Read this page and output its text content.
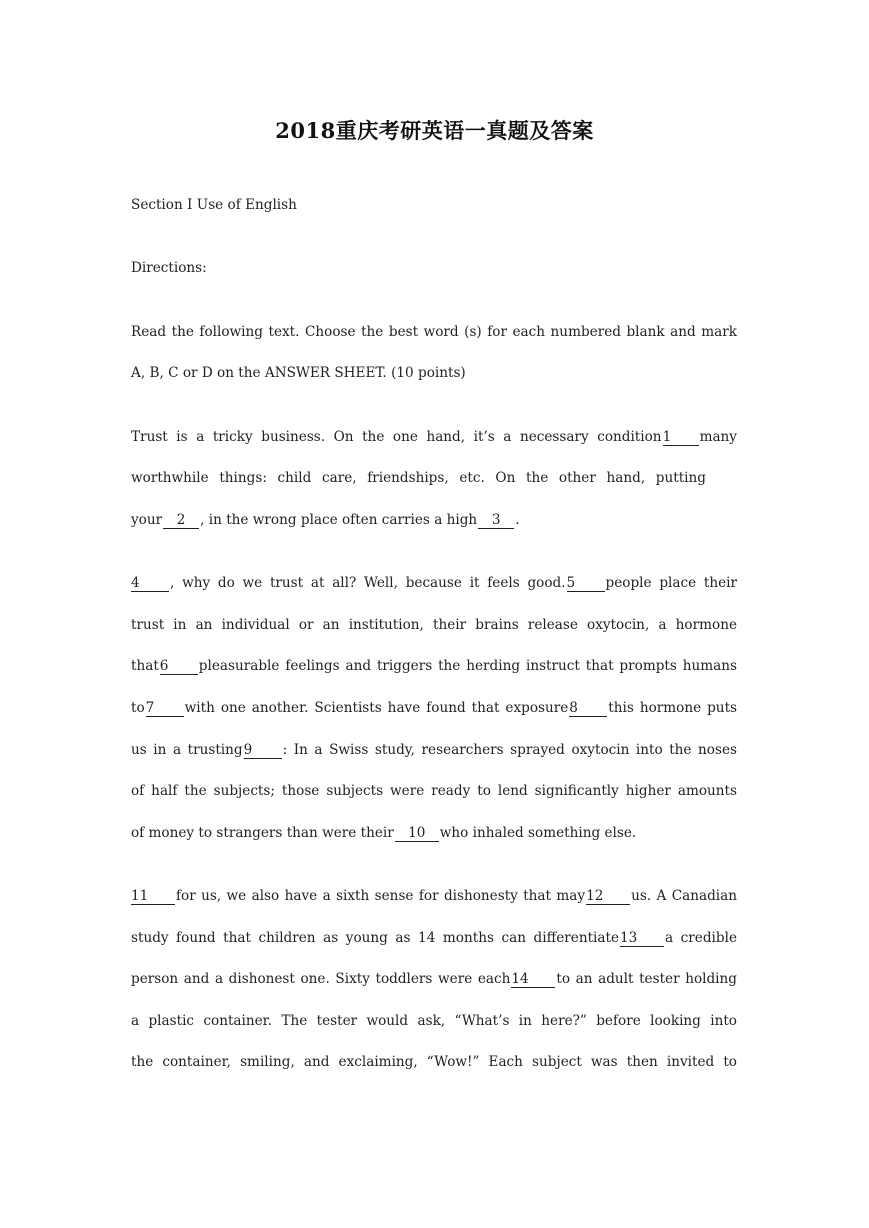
2018重庆考研英语一真题及答案
Section I Use of English
Directions:
Read the following text. Choose the best word (s) for each numbered blank and mark
A, B, C or D on the ANSWER SHEET. (10 points)
Trust is a tricky business. On the one hand, it’s a necessary condition1 many
worthwhile things: child care, friendships, etc. On the other hand, putting
your 2 , in the wrong place often carries a high 3 .
4 , why do we trust at all? Well, because it feels good.5 people place their
trust in an individual or an institution, their brains release oxytocin, a hormone
that6 pleasurable feelings and triggers the herding instruct that prompts humans
to7 with one another. Scientists have found that exposure8 this hormone puts
us in a trusting9 : In a Swiss study, researchers sprayed oxytocin into the noses
of half the subjects; those subjects were ready to lend significantly higher amounts
of money to strangers than were their 10 who inhaled something else.
11 for us, we also have a sixth sense for dishonesty that may12 us. A Canadian
study found that children as young as 14 months can differentiate13 a credible
person and a dishonest one. Sixty toddlers were each14 to an adult tester holding
a plastic container. The tester would ask, “What’s in here?” before looking into
the container, smiling, and exclaiming, “Wow!” Each subject was then invited to
